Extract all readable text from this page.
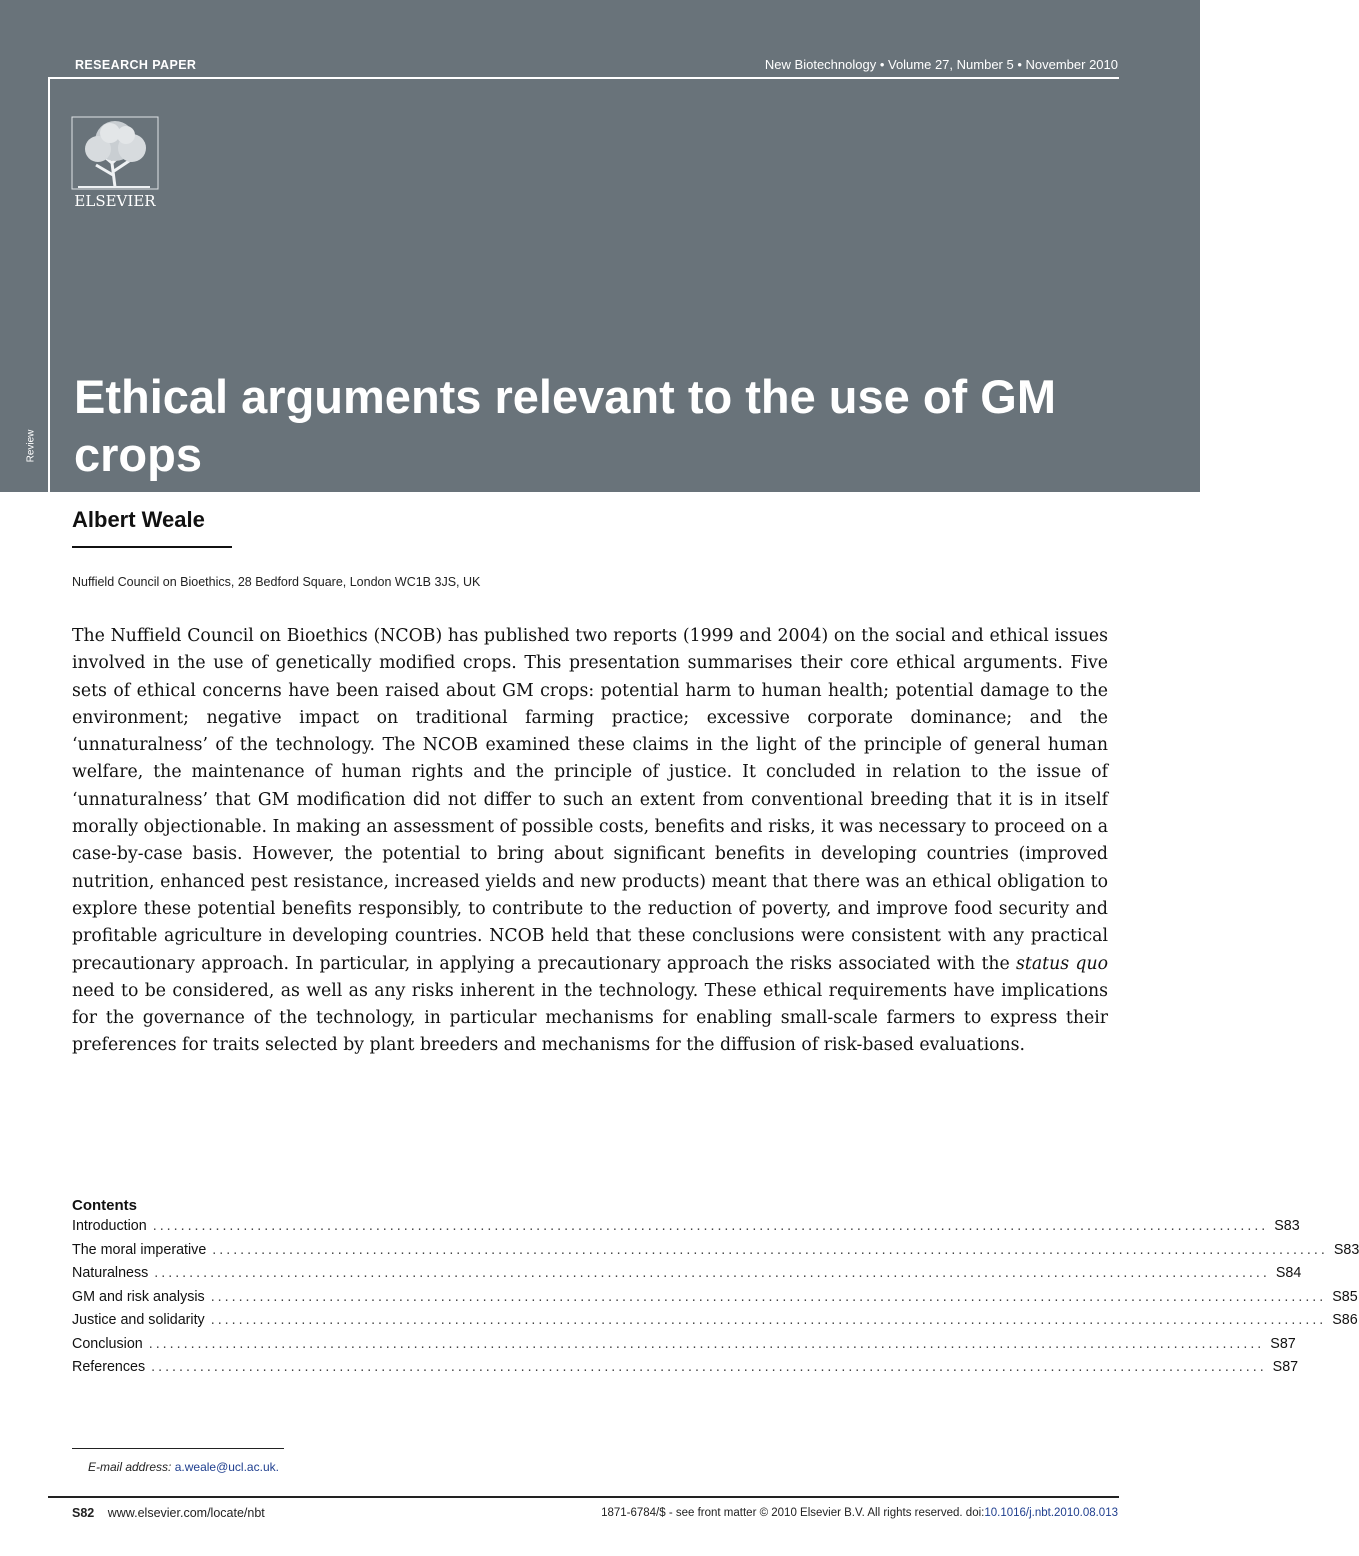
RESEARCH PAPER	New Biotechnology • Volume 27, Number 5 • November 2010
ELSEVIER
Review
Ethical arguments relevant to the use of GM crops
Albert Weale
Nuffield Council on Bioethics, 28 Bedford Square, London WC1B 3JS, UK

The Nuffield Council on Bioethics (NCOB) has published two reports (1999 and 2004) on the social and ethical issues involved in the use of genetically modified crops. This presentation summarises their core ethical arguments. Five sets of ethical concerns have been raised about GM crops: potential harm to human health; potential damage to the environment; negative impact on traditional farming practice; excessive corporate dominance; and the ‘unnaturalness’ of the technology. The NCOB examined these claims in the light of the principle of general human welfare, the maintenance of human rights and the principle of justice. It concluded in relation to the issue of ‘unnaturalness’ that GM modification did not differ to such an extent from conventional breeding that it is in itself morally objectionable. In making an assessment of possible costs, benefits and risks, it was necessary to proceed on a case-by-case basis. However, the potential to bring about significant benefits in developing countries (improved nutrition, enhanced pest resistance, increased yields and new products) meant that there was an ethical obligation to explore these potential benefits responsibly, to contribute to the reduction of poverty, and improve food security and profitable agriculture in developing countries. NCOB held that these conclusions were consistent with any practical precautionary approach. In particular, in applying a precautionary approach the risks associated with the status quo need to be considered, as well as any risks inherent in the technology. These ethical requirements have implications for the governance of the technology, in particular mechanisms for enabling small-scale farmers to express their preferences for traits selected by plant breeders and mechanisms for the diffusion of risk-based evaluations.

Contents
Introduction ................................................................................................................................................................ S83
The moral imperative ................................................................................................................................................................ S83
Naturalness ................................................................................................................................................................ S84
GM and risk analysis ................................................................................................................................................................ S85
Justice and solidarity ................................................................................................................................................................ S86
Conclusion ................................................................................................................................................................ S87
References ................................................................................................................................................................ S87
E-mail address: a.weale@ucl.ac.uk.
S82 www.elsevier.com/locate/nbt	1871-6784/$ - see front matter © 2010 Elsevier B.V. All rights reserved. doi:10.1016/j.nbt.2010.08.013
